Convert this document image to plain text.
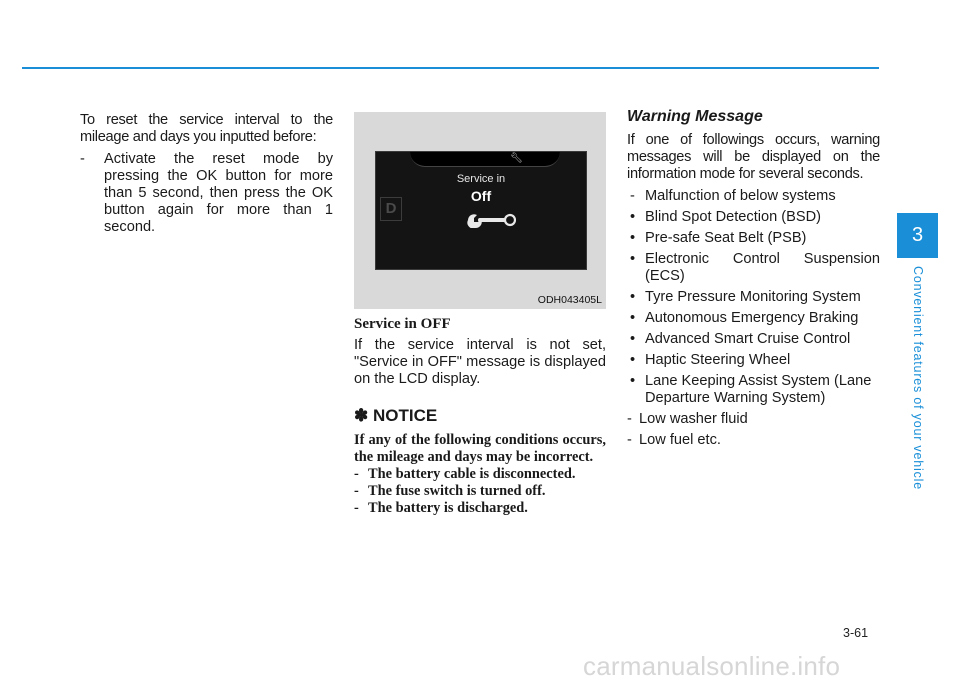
To reset the service interval to the mileage and days you inputted before:

- Activate the reset mode by pressing the OK button for more than 5 second, then press the OK button again for more than 1 second.
🔧︎
D
Service in
Off
ODH043405L
Service in OFF

If the service interval is not set, "Service in OFF" message is displayed on the LCD display.

✽ NOTICE

If any of the following conditions occurs, the mileage and days may be incorrect.

- The battery cable is disconnected.
- The fuse switch is turned off.
- The battery is discharged.
Warning Message

If one of followings occurs, warning messages will be displayed on the information mode for several seconds.

- Malfunction of below systems
• Blind Spot Detection (BSD)
• Pre-safe Seat Belt (PSB)
• Electronic Control Suspension (ECS)
• Tyre Pressure Monitoring System
• Autonomous Emergency Braking
• Advanced Smart Cruise Control
• Haptic Steering Wheel
• Lane Keeping Assist System (Lane Departure Warning System)
- Low washer fluid
- Low fuel etc.
3
Convenient features of your vehicle
3-61
carmanualsonline.info
